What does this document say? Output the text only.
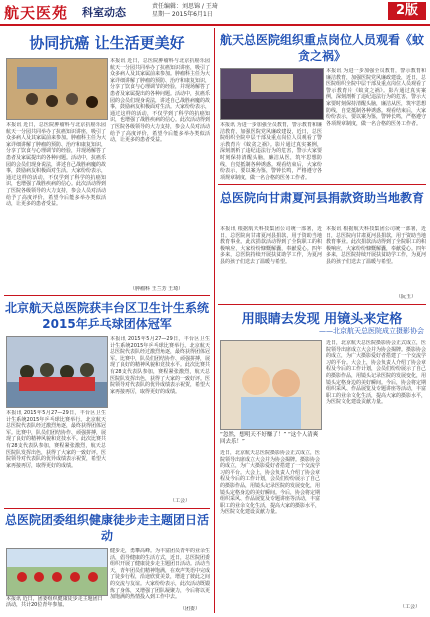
航天医苑 科室动态	责任编辑：刘思锦 / 王琦
星期一 2015年6月1日	2版
协同抗癌 让生活更美好
本报讯 近日，总医院肿瘤科与北京抗癌乐园航天一分园共同举办了抗癌知识讲座，吸引了众多病人及其家属前来参加。肿瘤科主任为大家详细讲解了肿瘤的预防、治疗和康复知识，分享了饮食与心理调节的经验，并现场解答了患者及家属提出的各种问题。活动中，抗癌乐园的会员们现身说法，讲述自己战胜病魔的故事，鼓励病友积极面对生活。大家纷纷表示，通过这样的活动，不仅学到了科学的抗癌知识，也增强了战胜疾病的信心。此次活动得到了医院各级领导的大力支持，参会人员对活动给予了高度评价，希望今后能多举办类似活动，让更多的患者受益。
本报讯 近日，总医院肿瘤科与北京抗癌乐园航天一分园共同举办了抗癌知识讲座，吸引了众多病人及其家属前来参加。肿瘤科主任为大家详细讲解了肿瘤的预防、治疗和康复知识，分享了饮食与心理调节的经验，并现场解答了患者及家属提出的各种问题。活动中，抗癌乐园的会员们现身说法，讲述自己战胜病魔的故事，鼓励病友积极面对生活。大家纷纷表示，通过这样的活动，不仅学到了科学的抗癌知识，也增强了战胜疾病的信心。此次活动得到了医院各级领导的大力支持，参会人员对活动给予了高度评价，希望今后能多举办类似活动，让更多的患者受益。
（肿瘤科 王兰芳 王琦）
北京航天总医院获丰台区卫生计生系统2015年乒乓球团体冠军
本报讯 2015年5月27—29日，丰台区卫生计生系统2015年乒乓球比赛举行。北京航天总医院代表队经过激烈角逐，最终获得团体冠军。比赛中，队员们团结协作、顽强拼搏，展现了良好的精神风貌和竞技水平。此次比赛共有28支代表队参加，赛程紧张激烈，航天总医院队发挥出色，获得了大家的一致好评。医院领导对代表队的优异成绩表示祝贺，希望大家再接再厉，取得更好的成绩。
本报讯 2015年5月27—29日，丰台区卫生计生系统2015年乒乓球比赛举行。北京航天总医院代表队经过激烈角逐，最终获得团体冠军。比赛中，队员们团结协作、顽强拼搏，展现了良好的精神风貌和竞技水平。此次比赛共有28支代表队参加，赛程紧张激烈，航天总医院队发挥出色，获得了大家的一致好评。医院领导对代表队的优异成绩表示祝贺，希望大家再接再厉，取得更好的成绩。
（工会）
总医院团委组织健康徒步走主题团日活动
本报讯 近日，团委组织健康徒步走主题团日活动，共计20位青年参加。
健步走，勇攀高峰。为丰富团员青年的业余生活，倡导健康的生活方式，近日，总医院团委组织开展了健康徒步走主题团日活动。活动当天，青年团员们精神饱满，在欢声笑语中完成了徒步行程，沿途欣赏美景，增进了彼此之间的交流与友谊。大家纷纷表示，此次活动既锻炼了身体，又增强了团队凝聚力，今后将以更加饱满的热情投入到工作中去。
（团委）
航天总医院组织重点岗位人员观看《蚊贪之祸》
本报讯 为进一步加强全员教育，警示教育和廉洁教育，加强医院党风廉政建设，近日，总医院组织全院中层干部及重点岗位人员观看了警示教育片《蚊贪之祸》。影片通过真实案例，深刻剖析了违纪违法行为的危害，警示大家要时刻保持清醒头脑，廉洁从医，筑牢思想防线，自觉抵制各种诱惑。观看结束后，大家纷纷表示，要以案为鉴，警钟长鸣，严格遵守各项规章制度，做一名合格的医务工作者。
本报讯 为进一步加强全员教育，警示教育和廉洁教育，加强医院党风廉政建设，近日，总医院组织全院中层干部及重点岗位人员观看了警示教育片《蚊贪之祸》。影片通过真实案例，深刻剖析了违纪违法行为的危害，警示大家要时刻保持清醒头脑，廉洁从医，筑牢思想防线，自觉抵制各种诱惑。观看结束后，大家纷纷表示，要以案为鉴，警钟长鸣，严格遵守各项规章制度，做一名合格的医务工作者。
总医院向甘肃夏河县捐款资助当地教育
本报讯 根据航天科技集团公司统一部署，近日，总医院向甘肃夏河县捐款，用于资助当地教育事业。此次捐款活动得到了全院职工的积极响应，大家纷纷慷慨解囊，奉献爱心。四年多来，总医院持续开展扶贫助学工作，为夏河县的孩子们送去了温暖与希望。
本报讯 根据航天科技集团公司统一部署，近日，总医院向甘肃夏河县捐款，用于资助当地教育事业。此次捐款活动得到了全院职工的积极响应，大家纷纷慷慨解囊，奉献爱心。四年多来，总医院持续开展扶贫助学工作，为夏河县的孩子们送去了温暖与希望。
（阮玉）
用眼睛去发现 用镜头来定格
——北京航天总医院成立摄影协会
“忽然，想明天不好赚了！” “这个人清爽回去乐！”
近日，北京航天总医院摄影协会正式成立，医院领导出席成立大会并为协会揭牌。摄影协会的成立，为广大摄影爱好者搭建了一个交流学习的平台。大会上，协会负责人介绍了协会章程及今后的工作计划，会员们纷纷展示了自己的摄影作品，用镜头记录医院的发展变化，用镜头定格身边的美好瞬间。今后，协会将定期组织采风、作品展览及专题讲座等活动，丰富职工的业余文化生活，提高大家的摄影水平，为医院文化建设贡献力量。
近日，北京航天总医院摄影协会正式成立，医院领导出席成立大会并为协会揭牌。摄影协会的成立，为广大摄影爱好者搭建了一个交流学习的平台。大会上，协会负责人介绍了协会章程及今后的工作计划，会员们纷纷展示了自己的摄影作品，用镜头记录医院的发展变化，用镜头定格身边的美好瞬间。今后，协会将定期组织采风、作品展览及专题讲座等活动，丰富职工的业余文化生活，提高大家的摄影水平，为医院文化建设贡献力量。
（工会）
